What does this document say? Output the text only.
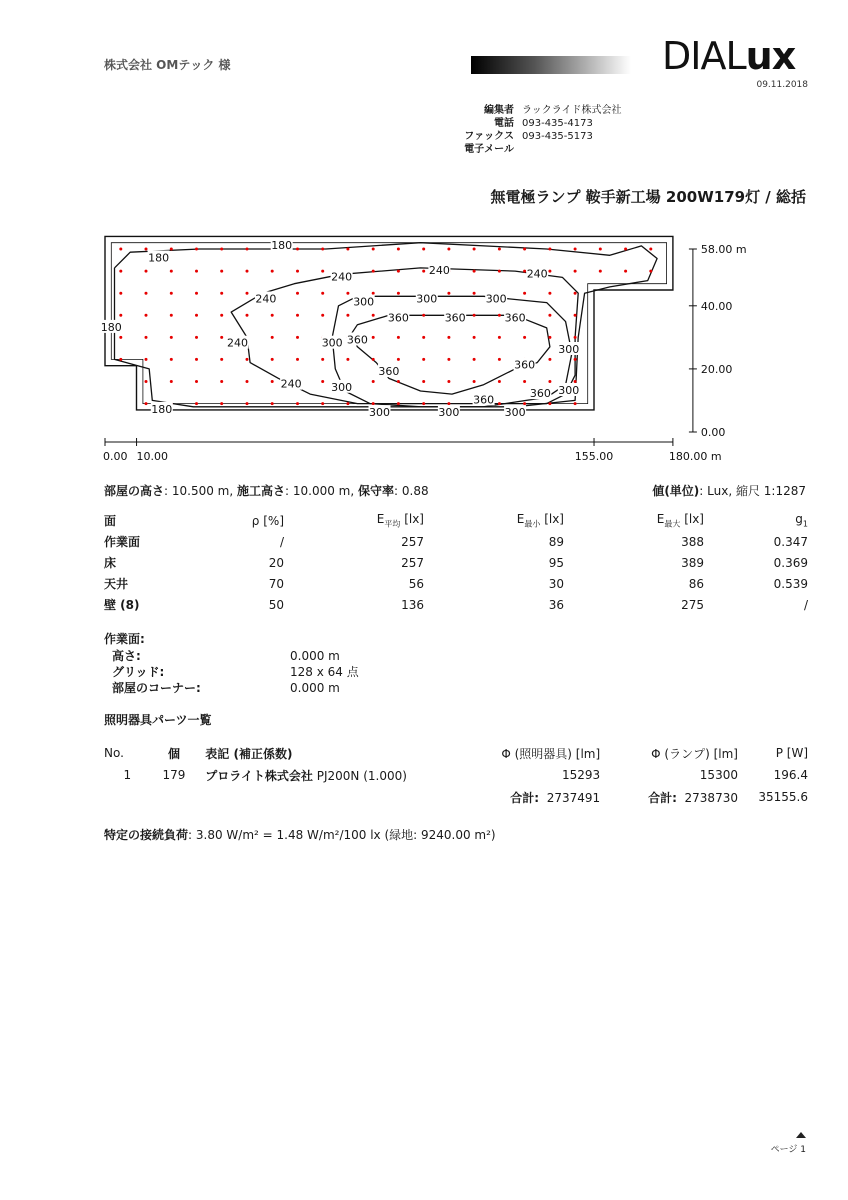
株式会社 OMテック 様	DIALux
09.11.2018
編集者 ラックライド株式会社
電話 093-435-4173
ファックス 093-435-5173
電子メール
無電極ランプ 鞍手新工場 200W179灯 / 総括
180
180
180
180
240	240	240
240
240
240
300	300	300
300	300
300	300
300	300	300
360	360	360
360
360	360
360	360
58.00 m
40.00
20.00
0.00
0.00 10.00	155.00	180.00 m
部屋の高さ: 10.500 m, 施工高さ: 10.000 m, 保守率: 0.88	値(単位): Lux, 縮尺 1:1287
面	ρ [%]	$E_{平均}$ [lx]	$E_{最小}$ [lx]	$E_{最大}$ [lx]	$g_1$
作業面	/	257	89	388	0.347
床	20	257	95	389	0.369
天井	70	56	30	86	0.539
壁 (8)	50	136	36	275	/
作業面:
高さ:	0.000 m
グリッド:	128 x 64 点
部屋のコーナー:	0.000 m
照明器具パーツ一覧
No.	個	表記 (補正係数)	Φ (照明器具) [lm]	Φ (ランプ) [lm]	P [W]
1	179	プロライト株式会社 PJ200N (1.000)	15293	15300	196.4
			合計: 2737491	合計: 2738730	35155.6
特定の接続負荷: 3.80 W/m² = 1.48 W/m²/100 lx (緑地: 9240.00 m²)
ページ 1
